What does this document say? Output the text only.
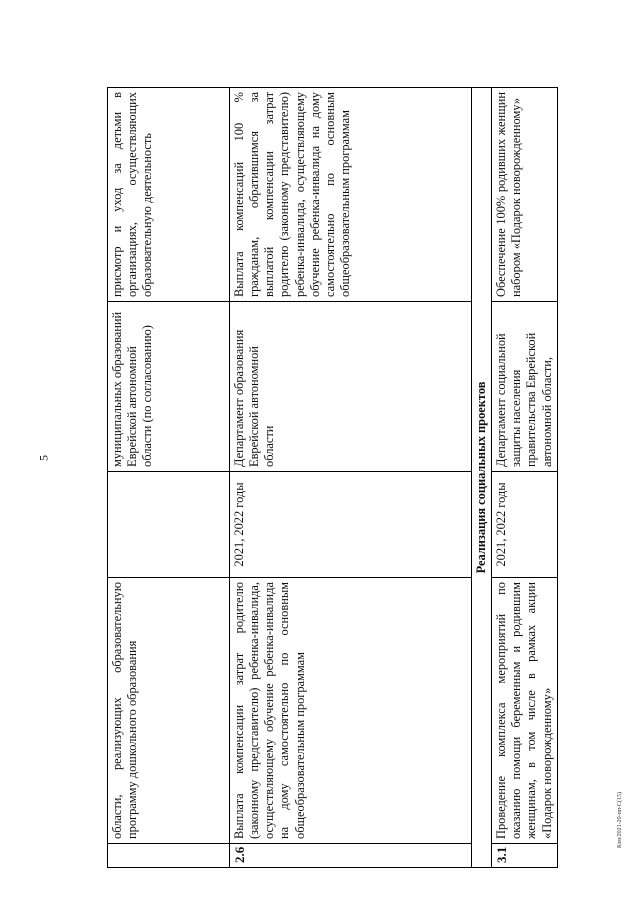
5
Кзм/2021-20-пп-С(15)
	области, реализующих образовательную программу дошкольного образования		муниципальных образований Еврейской автономной области (по согласованию)	присмотр и уход за детьми в организациях, осуществляющих образовательную деятельность
2.6	Выплата компенсации затрат родителю (законному представителю) ребенка-инвалида, осуществляющему обучение ребенка-инвалида на дому самостоятельно по основным общеобразовательным программам	2021, 2022 годы	Департамент образования Еврейской автономной области	Выплата компенсаций 100 % гражданам, обратившимся за выплатой компенсации затрат родителю (законному представителю) ребенка-инвалида, осуществляющему обучение ребенка-инвалида на дому самостоятельно по основным общеобразовательным программам
Реализация социальных проектов				
3.1	Проведение комплекса мероприятий по оказанию помощи беременным и родившим женщинам, в том числе в рамках акции «Подарок новорожденному»	2021, 2022 годы	Департамент социальной защиты населения правительства Еврейской автономной области,	Обеспечение 100% родивших женщин набором «Подарок новорожденному»
